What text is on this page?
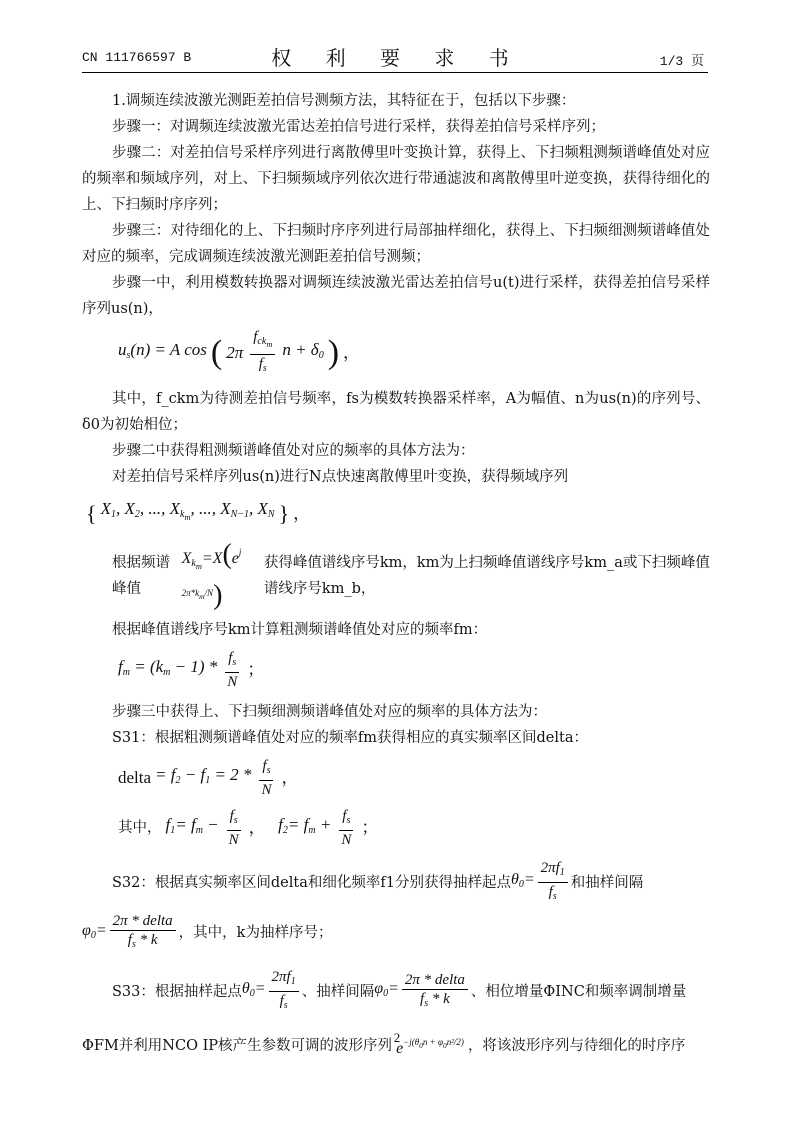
CN 111766597 B	权 利 要 求 书	1/3 页

1.调频连续波激光测距差拍信号测频方法，其特征在于，包括以下步骤：

步骤一：对调频连续波激光雷达差拍信号进行采样，获得差拍信号采样序列；

步骤二：对差拍信号采样序列进行离散傅里叶变换计算，获得上、下扫频粗测频谱峰值处对应的频率和频域序列，对上、下扫频频域序列依次进行带通滤波和离散傅里叶逆变换，获得待细化的上、下扫频时序序列；

步骤三：对待细化的上、下扫频时序序列进行局部抽样细化，获得上、下扫频细测频谱峰值处对应的频率，完成调频连续波激光测距差拍信号测频；

步骤一中，利用模数转换器对调频连续波激光雷达差拍信号u(t)进行采样，获得差拍信号采样序列us(n)，

$u_s(n) = A$ cos ( $2\pi \frac{f_{ck_m}}{f_s}$ $n + \delta_0$ ) ，

其中，f_ckm为待测差拍信号频率，fs为模数转换器采样率，A为幅值、n为us(n)的序列号、δ0为初始相位；

步骤二中获得粗测频谱峰值处对应的频率的具体方法为：

对差拍信号采样序列us(n)进行N点快速离散傅里叶变换，获得频域序列

{ $X_1$, $X_2$, ..., $X_{k_m}$, ..., $X_{N-1}$, $X_N$ } ，
根据频谱峰值
$X_{k_m}=X(e^{j 2\pi*k_m/N})$
获得峰值谱线序号km，km为上扫频峰值谱线序号km_a或下扫频峰值谱线序号km_b，

根据峰值谱线序号km计算粗测频谱峰值处对应的频率fm：

$f_m = (k_m - 1) * \frac{f_s}{N}$ ；

步骤三中获得上、下扫频细测频谱峰值处对应的频率的具体方法为：

S31：根据粗测频谱峰值处对应的频率fm获得相应的真实频率区间delta：

delta = $f_2 - f_1 = 2 * \frac{f_s}{N}$ ，
其中， $f_1= f_m - \frac{f_s}{N}$ ， $f_2= f_m + \frac{f_s}{N}$ ；
S32：根据真实频率区间delta和细化频率f1分别获得抽样起点 $\theta_0= \frac{2\pi f_1}{f_s}$ 和抽样间隔
$\varphi_0= \frac{\text{2π * delta}}{f_s * k}$ ，其中，k为抽样序号；
S33：根据抽样起点 $\theta_0= \frac{2\pi f_1}{f_s}$ 、抽样间隔 $\varphi_0= \frac{\text{2π * delta}}{f_s * k}$ 、相位增量ΦINC和频率调制增量
ΦFM并利用NCO IP核产生参数可调的波形序列 $e^{-j(\theta_0n + \varphi_0n^2/2)}$ ，将该波形序列与待细化的时序序
2
